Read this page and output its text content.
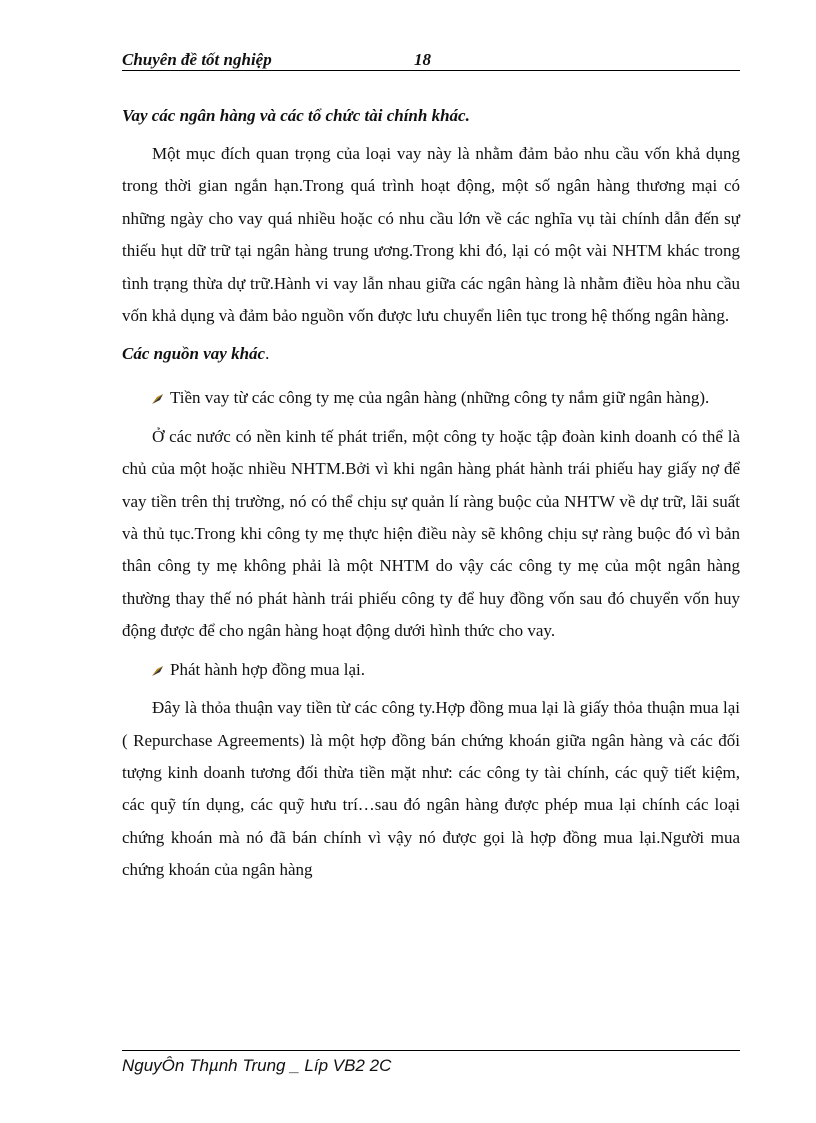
Chuyên đề tốt nghiệp	18

Vay các ngân hàng và các tổ chức tài chính khác.

Một mục đích quan trọng của loại vay này là nhằm đảm bảo nhu cầu vốn khả dụng trong thời gian ngắn hạn.Trong quá trình hoạt động, một số ngân hàng thương mại có những ngày cho vay quá nhiều hoặc có nhu cầu lớn về các nghĩa vụ tài chính dẫn đến sự thiếu hụt dữ trữ tại ngân hàng trung ương.Trong khi đó, lại có một vài NHTM khác trong tình trạng thừa dự trữ.Hành vi vay lẫn nhau giữa các ngân hàng là nhằm điều hòa nhu cầu vốn khả dụng và đảm bảo nguồn vốn được lưu chuyển liên tục trong hệ thống ngân hàng.

Các nguồn vay khác.

Tiền vay từ các công ty mẹ của ngân hàng (những công ty nắm giữ ngân hàng).

Ở các nước có nền kinh tế phát triển, một công ty hoặc tập đoàn kinh doanh có thể là chủ của một hoặc nhiều NHTM.Bởi vì khi ngân hàng phát hành trái phiếu hay giấy nợ để vay tiền trên thị trường, nó có thể chịu sự quản lí ràng buộc của NHTW về dự trữ, lãi suất và thủ tục.Trong khi công ty mẹ thực hiện điều này sẽ không chịu sự ràng buộc đó vì bản thân công ty mẹ không phải là một NHTM do vậy các công ty mẹ của một ngân hàng thường thay thế nó phát hành trái phiếu công ty để huy đồng vốn sau đó chuyển vốn huy động được để cho ngân hàng hoạt động dưới hình thức cho vay.

Phát hành hợp đồng mua lại.

Đây là thỏa thuận vay tiền từ các công ty.Hợp đồng mua lại là giấy thỏa thuận mua lại ( Repurchase Agreements) là một hợp đồng bán chứng khoán giữa ngân hàng và các đối tượng kinh doanh tương đối thừa tiền mặt như: các công ty tài chính, các quỹ tiết kiệm, các quỹ tín dụng, các quỹ hưu trí…sau đó ngân hàng được phép mua lại chính các loại chứng khoán mà nó đã bán chính vì vậy nó được gọi là hợp đồng mua lại.Người mua chứng khoán của ngân hàng

NguyÔn Thµnh Trung _ Líp VB2 2C
